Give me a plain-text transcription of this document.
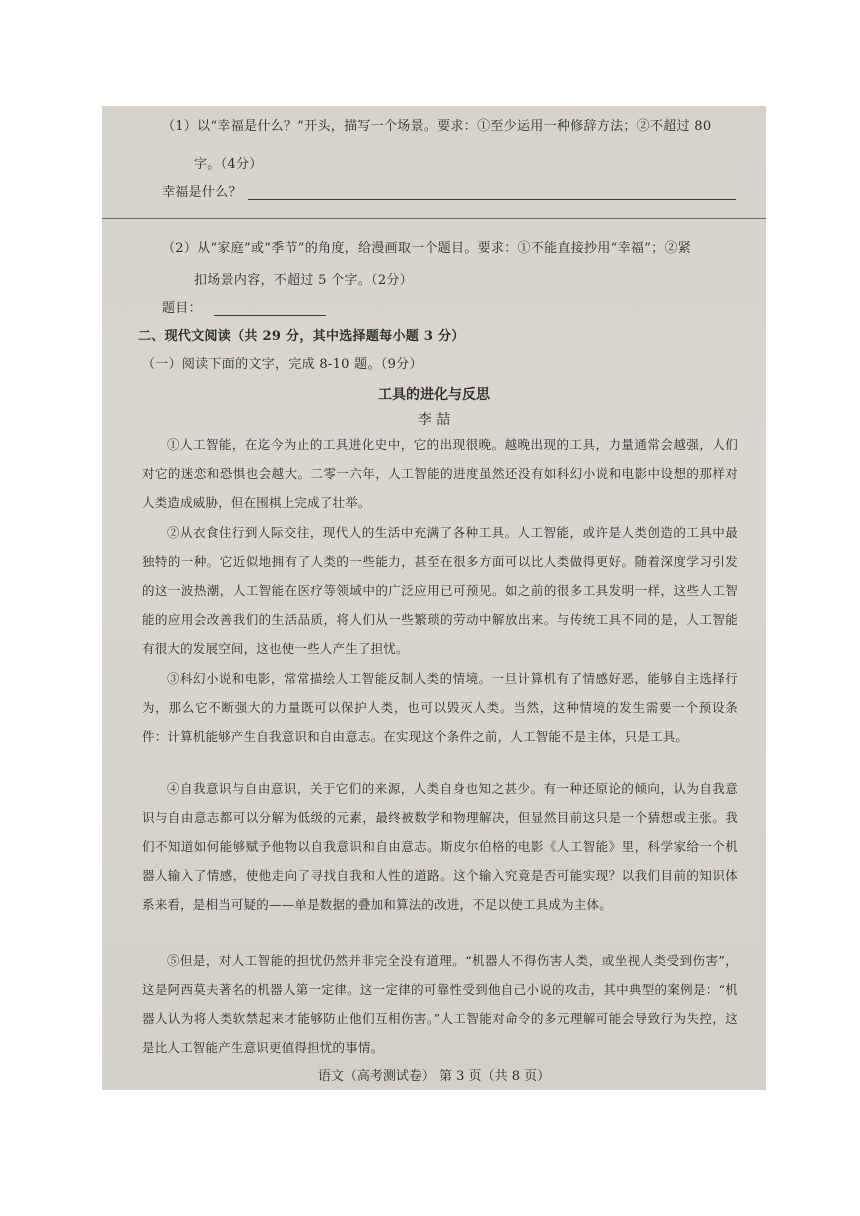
（1）以“幸福是什么？”开头，描写一个场景。要求：①至少运用一种修辞方法；②不超过 80
字。（4分）
幸福是什么？
（2）从“家庭”或“季节”的角度，给漫画取一个题目。要求：①不能直接抄用“幸福”；②紧
扣场景内容，不超过 5 个字。（2分）
题目：
二、现代文阅读（共 29 分，其中选择题每小题 3 分）
（一）阅读下面的文字，完成 8-10 题。（9分）
工具的进化与反思
李 喆
①人工智能，在迄今为止的工具进化史中，它的出现很晚。越晚出现的工具，力量通常会越强，人们对它的迷恋和恐惧也会越大。二零一六年，人工智能的进度虽然还没有如科幻小说和电影中设想的那样对人类造成威胁，但在围棋上完成了壮举。
②从衣食住行到人际交往，现代人的生活中充满了各种工具。人工智能，或许是人类创造的工具中最独特的一种。它近似地拥有了人类的一些能力，甚至在很多方面可以比人类做得更好。随着深度学习引发的这一波热潮，人工智能在医疗等领域中的广泛应用已可预见。如之前的很多工具发明一样，这些人工智能的应用会改善我们的生活品质，将人们从一些繁琐的劳动中解放出来。与传统工具不同的是，人工智能有很大的发展空间，这也使一些人产生了担忧。
③科幻小说和电影，常常描绘人工智能反制人类的情境。一旦计算机有了情感好恶，能够自主选择行为，那么它不断强大的力量既可以保护人类，也可以毁灭人类。当然，这种情境的发生需要一个预设条件：计算机能够产生自我意识和自由意志。在实现这个条件之前，人工智能不是主体，只是工具。
④自我意识与自由意识，关于它们的来源，人类自身也知之甚少。有一种还原论的倾向，认为自我意识与自由意志都可以分解为低级的元素，最终被数学和物理解决，但显然目前这只是一个猜想或主张。我们不知道如何能够赋予他物以自我意识和自由意志。斯皮尔伯格的电影《人工智能》里，科学家给一个机器人输入了情感，使他走向了寻找自我和人性的道路。这个输入究竟是否可能实现？以我们目前的知识体系来看，是相当可疑的——单是数据的叠加和算法的改进，不足以使工具成为主体。
⑤但是，对人工智能的担忧仍然并非完全没有道理。“机器人不得伤害人类，或坐视人类受到伤害”，这是阿西莫夫著名的机器人第一定律。这一定律的可靠性受到他自己小说的攻击，其中典型的案例是：“机器人认为将人类软禁起来才能够防止他们互相伤害。”人工智能对命令的多元理解可能会导致行为失控，这是比人工智能产生意识更值得担忧的事情。
语文（高考测试卷） 第 3 页（共 8 页）
